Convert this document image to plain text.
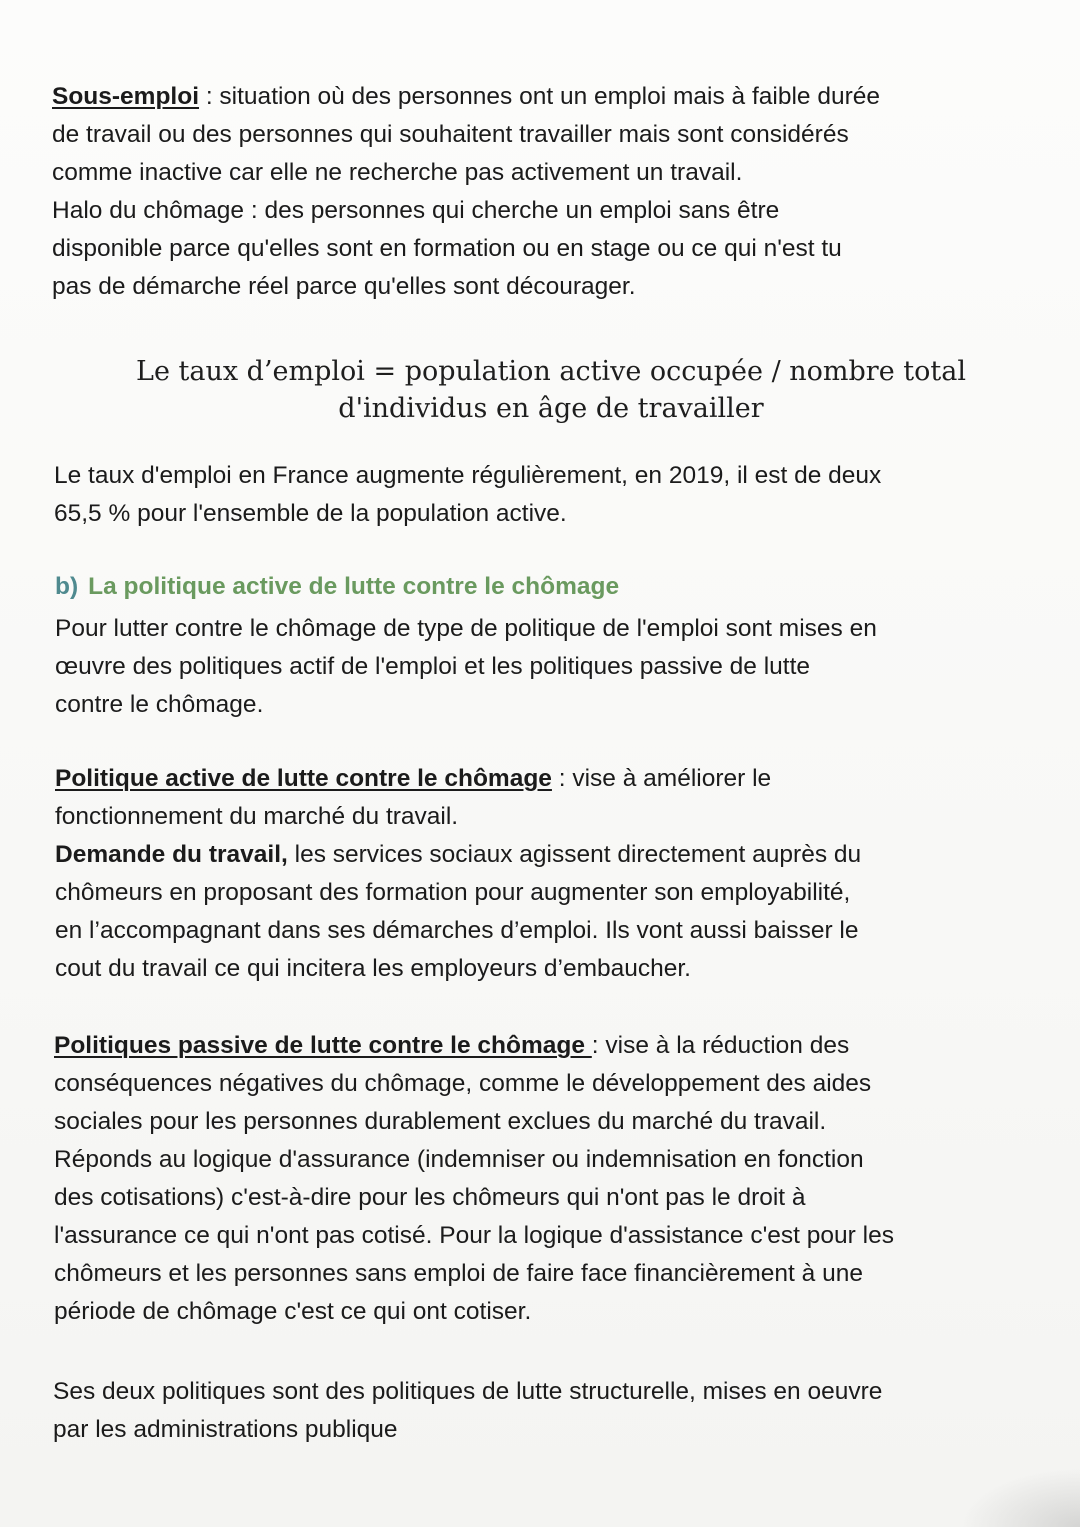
Sous-emploi : situation où des personnes ont un emploi mais à faible durée
de travail ou des personnes qui souhaitent travailler mais sont considérés
comme inactive car elle ne recherche pas activement un travail.

Halo du chômage : des personnes qui cherche un emploi sans être
disponible parce qu'elles sont en formation ou en stage ou ce qui n'est tu
pas de démarche réel parce qu'elles sont décourager.

Le taux d’emploi = population active occupée / nombre total
d'individus en âge de travailler

Le taux d'emploi en France augmente régulièrement, en 2019, il est de deux
65,5 % pour l'ensemble de la population active.

b) La politique active de lutte contre le chômage

Pour lutter contre le chômage de type de politique de l'emploi sont mises en
œuvre des politiques actif de l'emploi et les politiques passive de lutte
contre le chômage.

Politique active de lutte contre le chômage : vise à améliorer le
fonctionnement du marché du travail.
Demande du travail, les services sociaux agissent directement auprès du
chômeurs en proposant des formation pour augmenter son employabilité,
en l’accompagnant dans ses démarches d’emploi. Ils vont aussi baisser le
cout du travail ce qui incitera les employeurs d’embaucher.

Politiques passive de lutte contre le chômage : vise à la réduction des
conséquences négatives du chômage, comme le développement des aides
sociales pour les personnes durablement exclues du marché du travail.
Réponds au logique d'assurance (indemniser ou indemnisation en fonction
des cotisations) c'est-à-dire pour les chômeurs qui n'ont pas le droit à
l'assurance ce qui n'ont pas cotisé. Pour la logique d'assistance c'est pour les
chômeurs et les personnes sans emploi de faire face financièrement à une
période de chômage c'est ce qui ont cotiser.

Ses deux politiques sont des politiques de lutte structurelle, mises en oeuvre
par les administrations publique
